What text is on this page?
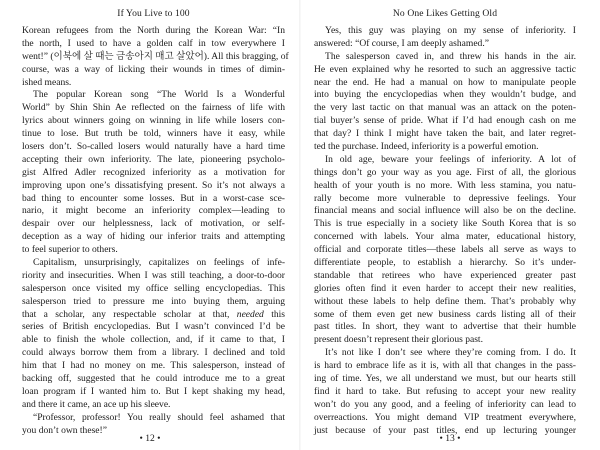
If You Live to 100
Korean refugees from the North during the Korean War: “In
the north, I used to have a golden calf in tow everywhere I
went!” (이북에 살 때는 금송아지 매고 살았어). All this bragging, of
course, was a way of licking their wounds in times of dimin-
ished means.
The popular Korean song “The World Is a Wonderful
World” by Shin Shin Ae reflected on the fairness of life with
lyrics about winners going on winning in life while losers con-
tinue to lose. But truth be told, winners have it easy, while
losers don’t. So-called losers would naturally have a hard time
accepting their own inferiority. The late, pioneering psycholo-
gist Alfred Adler recognized inferiority as a motivation for
improving upon one’s dissatisfying present. So it’s not always a
bad thing to encounter some losses. But in a worst-case sce-
nario, it might become an inferiority complex—leading to
despair over our helplessness, lack of motivation, or self-
deception as a way of hiding our inferior traits and attempting
to feel superior to others.
Capitalism, unsurprisingly, capitalizes on feelings of infe-
riority and insecurities. When I was still teaching, a door-to-door
salesperson once visited my office selling encyclopedias. This
salesperson tried to pressure me into buying them, arguing
that a scholar, any respectable scholar at that, needed this
series of British encyclopedias. But I wasn’t convinced I’d be
able to finish the whole collection, and, if it came to that, I
could always borrow them from a library. I declined and told
him that I had no money on me. This salesperson, instead of
backing off, suggested that he could introduce me to a great
loan program if I wanted him to. But I kept shaking my head,
and there it came, an ace up his sleeve.
“Professor, professor! You really should feel ashamed that
you don’t own these!”
• 12 •
No One Likes Getting Old
Yes, this guy was playing on my sense of inferiority. I
answered: “Of course, I am deeply ashamed.”
The salesperson caved in, and threw his hands in the air.
He even explained why he resorted to such an aggressive tactic
near the end. He had a manual on how to manipulate people
into buying the encyclopedias when they wouldn’t budge, and
the very last tactic on that manual was an attack on the poten-
tial buyer’s sense of pride. What if I’d had enough cash on me
that day? I think I might have taken the bait, and later regret-
ted the purchase. Indeed, inferiority is a powerful emotion.
In old age, beware your feelings of inferiority. A lot of
things don’t go your way as you age. First of all, the glorious
health of your youth is no more. With less stamina, you natu-
rally become more vulnerable to depressive feelings. Your
financial means and social influence will also be on the decline.
This is true especially in a society like South Korea that is so
concerned with labels. Your alma mater, educational history,
official and corporate titles—these labels all serve as ways to
differentiate people, to establish a hierarchy. So it’s under-
standable that retirees who have experienced greater past
glories often find it even harder to accept their new realities,
without these labels to help define them. That’s probably why
some of them even get new business cards listing all of their
past titles. In short, they want to advertise that their humble
present doesn’t represent their glorious past.
It’s not like I don’t see where they’re coming from. I do. It
is hard to embrace life as it is, with all that changes in the pass-
ing of time. Yes, we all understand we must, but our hearts still
find it hard to take. But refusing to accept your new reality
won’t do you any good, and a feeling of inferiority can lead to
overreactions. You might demand VIP treatment everywhere,
just because of your past titles, end up lecturing younger
• 13 •
